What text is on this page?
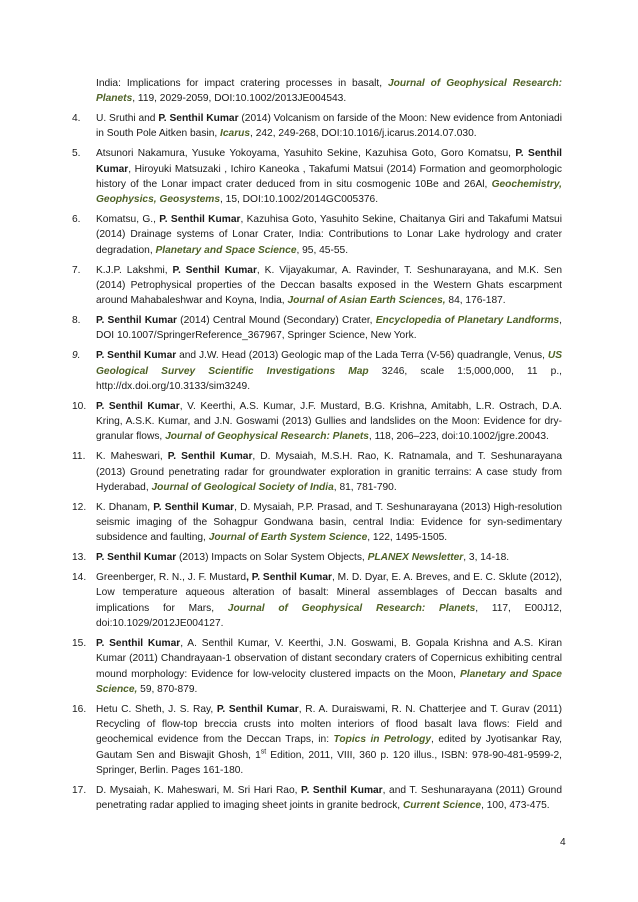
India: Implications for impact cratering processes in basalt, Journal of Geophysical Research: Planets, 119, 2029-2059, DOI:10.1002/2013JE004543.
4.	U. Sruthi and P. Senthil Kumar (2014) Volcanism on farside of the Moon: New evidence from Antoniadi in South Pole Aitken basin, Icarus, 242, 249-268, DOI:10.1016/j.icarus.2014.07.030.
5.	Atsunori Nakamura, Yusuke Yokoyama, Yasuhito Sekine, Kazuhisa Goto, Goro Komatsu, P. Senthil Kumar, Hiroyuki Matsuzaki , Ichiro Kaneoka , Takafumi Matsui (2014) Formation and geomorphologic history of the Lonar impact crater deduced from in situ cosmogenic 10Be and 26Al, Geochemistry, Geophysics, Geosystems, 15, DOI:10.1002/2014GC005376.
6.	Komatsu, G., P. Senthil Kumar, Kazuhisa Goto, Yasuhito Sekine, Chaitanya Giri and Takafumi Matsui (2014) Drainage systems of Lonar Crater, India: Contributions to Lonar Lake hydrology and crater degradation, Planetary and Space Science, 95, 45-55.
7.	K.J.P. Lakshmi, P. Senthil Kumar, K. Vijayakumar, A. Ravinder, T. Seshunarayana, and M.K. Sen (2014) Petrophysical properties of the Deccan basalts exposed in the Western Ghats escarpment around Mahabaleshwar and Koyna, India, Journal of Asian Earth Sciences, 84, 176-187.
8.	P. Senthil Kumar (2014) Central Mound (Secondary) Crater, Encyclopedia of Planetary Landforms, DOI 10.1007/SpringerReference_367967, Springer Science, New York.
9.	P. Senthil Kumar and J.W. Head (2013) Geologic map of the Lada Terra (V-56) quadrangle, Venus, US Geological Survey Scientific Investigations Map 3246, scale 1:5,000,000, 11 p., http://dx.doi.org/10.3133/sim3249.
10. P. Senthil Kumar, V. Keerthi, A.S. Kumar, J.F. Mustard, B.G. Krishna, Amitabh, L.R. Ostrach, D.A. Kring, A.S.K. Kumar, and J.N. Goswami (2013) Gullies and landslides on the Moon: Evidence for dry-granular flows, Journal of Geophysical Research: Planets, 118, 206–223, doi:10.1002/jgre.20043.
11.	K. Maheswari, P. Senthil Kumar, D. Mysaiah, M.S.H. Rao, K. Ratnamala, and T. Seshunarayana (2013) Ground penetrating radar for groundwater exploration in granitic terrains: A case study from Hyderabad, Journal of Geological Society of India, 81, 781-790.
12. K. Dhanam, P. Senthil Kumar, D. Mysaiah, P.P. Prasad, and T. Seshunarayana (2013) High-resolution seismic imaging of the Sohagpur Gondwana basin, central India: Evidence for syn-sedimentary subsidence and faulting, Journal of Earth System Science, 122, 1495-1505.
13. P. Senthil Kumar (2013) Impacts on Solar System Objects, PLANEX Newsletter, 3, 14-18.
14. Greenberger, R. N., J. F. Mustard, P. Senthil Kumar, M. D. Dyar, E. A. Breves, and E. C. Sklute (2012), Low temperature aqueous alteration of basalt: Mineral assemblages of Deccan basalts and implications for Mars, Journal of Geophysical Research: Planets, 117, E00J12, doi:10.1029/2012JE004127.
15. P. Senthil Kumar, A. Senthil Kumar, V. Keerthi, J.N. Goswami, B. Gopala Krishna and A.S. Kiran Kumar (2011) Chandrayaan-1 observation of distant secondary craters of Copernicus exhibiting central mound morphology: Evidence for low-velocity clustered impacts on the Moon, Planetary and Space Science, 59, 870-879.
16. Hetu C. Sheth, J. S. Ray, P. Senthil Kumar, R. A. Duraiswami, R. N. Chatterjee and T. Gurav (2011) Recycling of flow-top breccia crusts into molten interiors of flood basalt lava flows: Field and geochemical evidence from the Deccan Traps, in: Topics in Petrology, edited by Jyotisankar Ray, Gautam Sen and Biswajit Ghosh, 1st Edition, 2011, VIII, 360 p. 120 illus., ISBN: 978-90-481-9599-2, Springer, Berlin. Pages 161-180.
17. D. Mysaiah, K. Maheswari, M. Sri Hari Rao, P. Senthil Kumar, and T. Seshunarayana (2011) Ground penetrating radar applied to imaging sheet joints in granite bedrock, Current Science, 100, 473-475.
4
